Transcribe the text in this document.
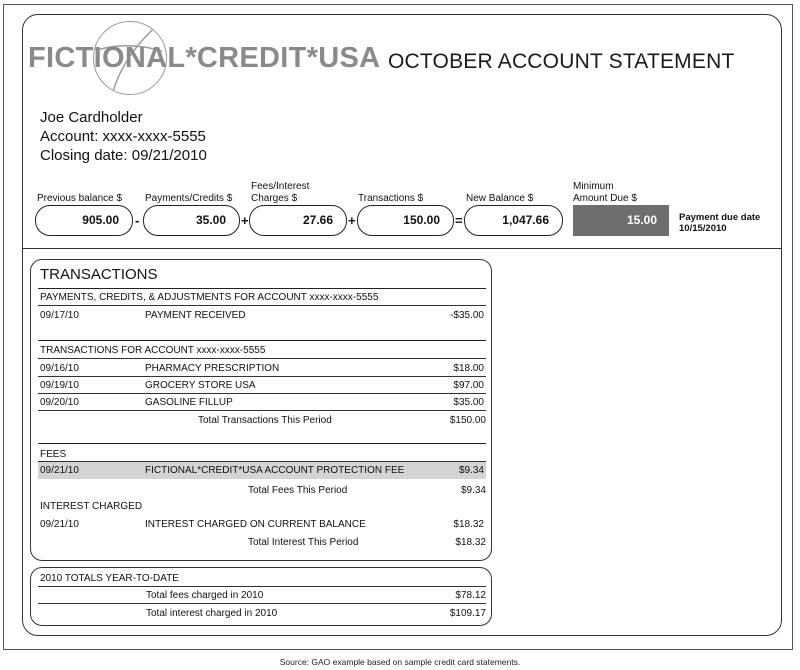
FICTIONAL*CREDIT*USA OCTOBER ACCOUNT STATEMENT
Joe Cardholder
Account: xxxx-xxxx-5555
Closing date: 09/21/2010
Previous balance $
905.00	-
Payments/Credits $
35.00	+
Fees/Interest
Charges $
27.66	+
Transactions $
150.00	=
New Balance $
1,047.66
Minimum
Amount Due $
15.00	Payment due date
10/15/2010
TRANSACTIONS
PAYMENTS, CREDITS, & ADJUSTMENTS FOR ACCOUNT xxxx-xxxx-5555
09/17/10	PAYMENT RECEIVED	-$35.00
TRANSACTIONS FOR ACCOUNT xxxx-xxxx-5555
09/16/10	PHARMACY PRESCRIPTION	$18.00
09/19/10	GROCERY STORE USA	$97.00
09/20/10	GASOLINE FILLUP	$35.00
Total Transactions This Period	$150.00
FEES
09/21/10	FICTIONAL*CREDIT*USA ACCOUNT PROTECTION FEE	$9.34
Total Fees This Period	$9.34
INTEREST CHARGED
09/21/10	INTEREST CHARGED ON CURRENT BALANCE	$18.32
Total Interest This Period	$18.32
2010 TOTALS YEAR-TO-DATE
Total fees charged in 2010	$78.12
Total interest charged in 2010	$109.17
Source: GAO example based on sample credit card statements.
